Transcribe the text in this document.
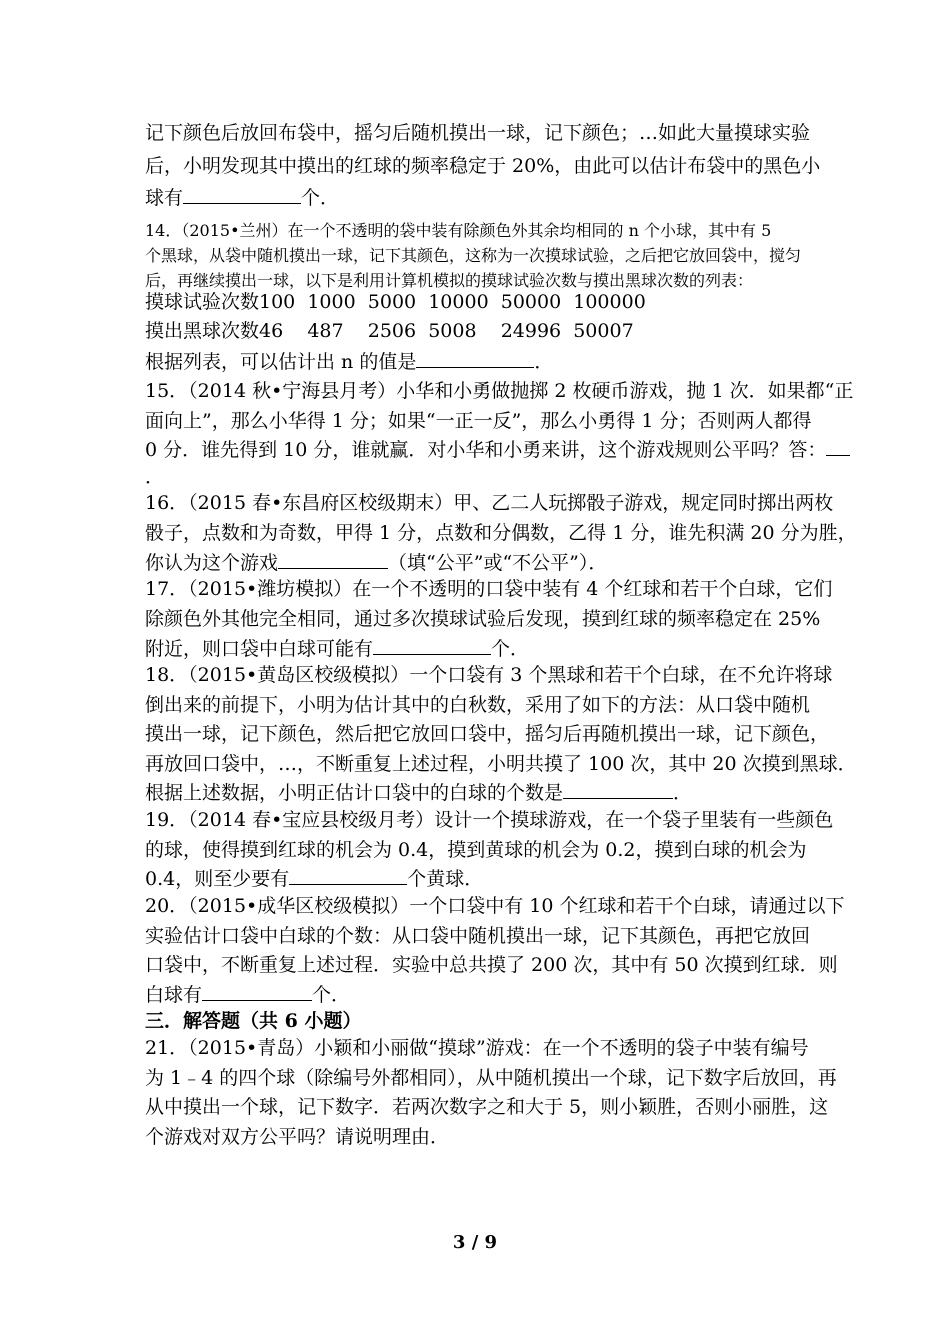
记下颜色后放回布袋中，摇匀后随机摸出一球，记下颜色；…如此大量摸球实验
后，小明发现其中摸出的红球的频率稳定于 20%，由此可以估计布袋中的黑色小
球有	个．
14．（2015•兰州）在一个不透明的袋中装有除颜色外其余均相同的 n 个小球，其中有 5
个黑球，从袋中随机摸出一球，记下其颜色，这称为一次摸球试验，之后把它放回袋中，搅匀
后，再继续摸出一球，以下是利用计算机模拟的摸球试验次数与摸出黑球次数的列表：
摸球试验次数100  1000  5000  10000  50000  100000
摸出黑球次数46    487    2506  5008    24996  50007
根据列表，可以估计出 n 的值是	．
15．（2014 秋•宁海县月考）小华和小勇做抛掷 2 枚硬币游戏，抛 1 次．如果都“正
面向上”，那么小华得 1 分；如果“一正一反”，那么小勇得 1 分；否则两人都得
0 分．谁先得到 10 分，谁就赢．对小华和小勇来讲，这个游戏规则公平吗？答：
．
16．（2015 春•东昌府区校级期末）甲、乙二人玩掷骰子游戏，规定同时掷出两枚
骰子，点数和为奇数，甲得 1 分，点数和分偶数，乙得 1 分，谁先积满 20 分为胜，
你认为这个游戏	（填“公平”或“不公平”）．
17．（2015•潍坊模拟）在一个不透明的口袋中装有 4 个红球和若干个白球，它们
除颜色外其他完全相同，通过多次摸球试验后发现，摸到红球的频率稳定在 25%
附近，则口袋中白球可能有	个．
18．（2015•黄岛区校级模拟）一个口袋有 3 个黑球和若干个白球，在不允许将球
倒出来的前提下，小明为估计其中的白秋数，采用了如下的方法：从口袋中随机
摸出一球，记下颜色，然后把它放回口袋中，摇匀后再随机摸出一球，记下颜色，
再放回口袋中，…，不断重复上述过程，小明共摸了 100 次，其中 20 次摸到黑球．
根据上述数据，小明正估计口袋中的白球的个数是	．
19．（2014 春•宝应县校级月考）设计一个摸球游戏，在一个袋子里装有一些颜色
的球，使得摸到红球的机会为 0.4，摸到黄球的机会为 0.2，摸到白球的机会为
0.4，则至少要有	个黄球．
20．（2015•成华区校级模拟）一个口袋中有 10 个红球和若干个白球，请通过以下
实验估计口袋中白球的个数：从口袋中随机摸出一球，记下其颜色，再把它放回
口袋中，不断重复上述过程．实验中总共摸了 200 次，其中有 50 次摸到红球．则
白球有	个．
三．解答题（共 6 小题）
21．（2015•青岛）小颖和小丽做“摸球”游戏：在一个不透明的袋子中装有编号
为 1﹣4 的四个球（除编号外都相同），从中随机摸出一个球，记下数字后放回，再
从中摸出一个球，记下数字．若两次数字之和大于 5，则小颖胜，否则小丽胜，这
个游戏对双方公平吗？请说明理由．
3 / 9
